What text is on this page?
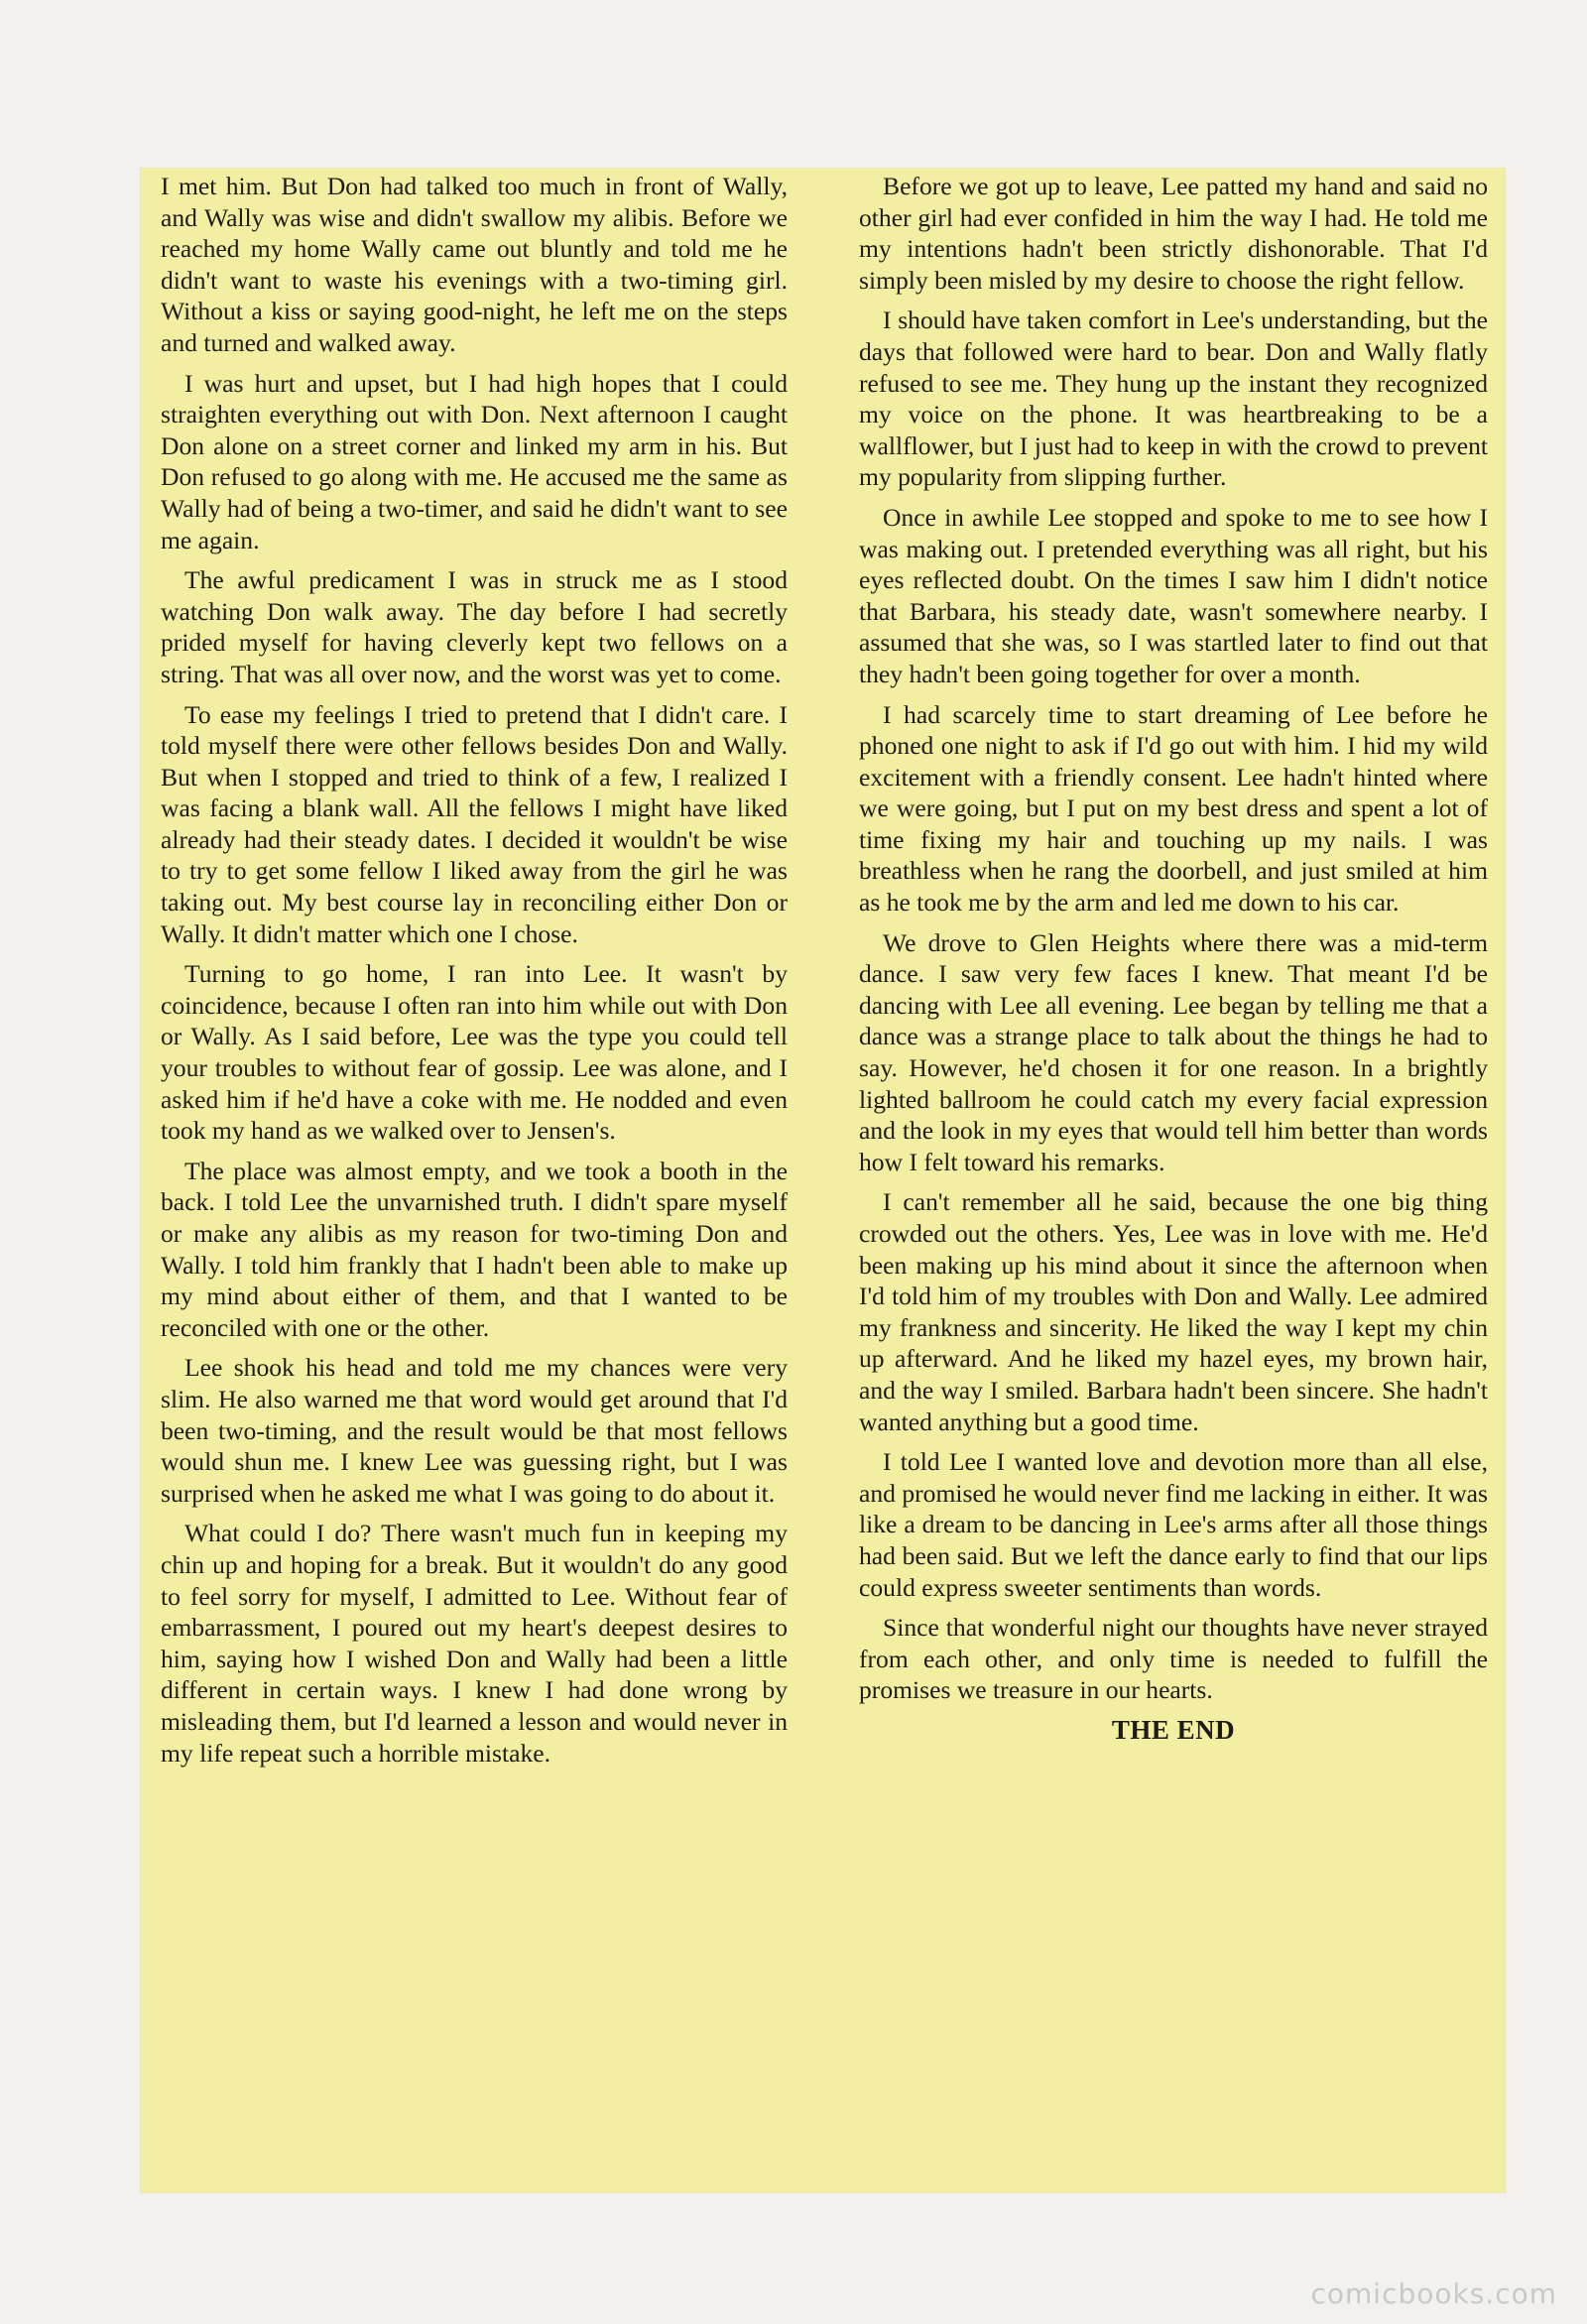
I met him. But Don had talked too much in front of Wally, and Wally was wise and didn't swallow my alibis. Before we reached my home Wally came out bluntly and told me he didn't want to waste his evenings with a two-timing girl. Without a kiss or saying good-night, he left me on the steps and turned and walked away.

I was hurt and upset, but I had high hopes that I could straighten everything out with Don. Next afternoon I caught Don alone on a street corner and linked my arm in his. But Don refused to go along with me. He accused me the same as Wally had of being a two-timer, and said he didn't want to see me again.

The awful predicament I was in struck me as I stood watching Don walk away. The day before I had secretly prided myself for having cleverly kept two fellows on a string. That was all over now, and the worst was yet to come.

To ease my feelings I tried to pretend that I didn't care. I told myself there were other fellows besides Don and Wally. But when I stopped and tried to think of a few, I realized I was facing a blank wall. All the fellows I might have liked already had their steady dates. I decided it wouldn't be wise to try to get some fellow I liked away from the girl he was taking out. My best course lay in reconciling either Don or Wally. It didn't matter which one I chose.

Turning to go home, I ran into Lee. It wasn't by coincidence, because I often ran into him while out with Don or Wally. As I said before, Lee was the type you could tell your troubles to without fear of gossip. Lee was alone, and I asked him if he'd have a coke with me. He nodded and even took my hand as we walked over to Jensen's.

The place was almost empty, and we took a booth in the back. I told Lee the unvarnished truth. I didn't spare myself or make any alibis as my reason for two-timing Don and Wally. I told him frankly that I hadn't been able to make up my mind about either of them, and that I wanted to be reconciled with one or the other.

Lee shook his head and told me my chances were very slim. He also warned me that word would get around that I'd been two-timing, and the result would be that most fellows would shun me. I knew Lee was guessing right, but I was surprised when he asked me what I was going to do about it.

What could I do? There wasn't much fun in keeping my chin up and hoping for a break. But it wouldn't do any good to feel sorry for myself, I admitted to Lee. Without fear of embarrassment, I poured out my heart's deepest desires to him, saying how I wished Don and Wally had been a little different in certain ways. I knew I had done wrong by misleading them, but I'd learned a lesson and would never in my life repeat such a horrible mistake.

Before we got up to leave, Lee patted my hand and said no other girl had ever confided in him the way I had. He told me my intentions hadn't been strictly dishonorable. That I'd simply been misled by my desire to choose the right fellow.

I should have taken comfort in Lee's understanding, but the days that followed were hard to bear. Don and Wally flatly refused to see me. They hung up the instant they recognized my voice on the phone. It was heartbreaking to be a wallflower, but I just had to keep in with the crowd to prevent my popularity from slipping further.

Once in awhile Lee stopped and spoke to me to see how I was making out. I pretended everything was all right, but his eyes reflected doubt. On the times I saw him I didn't notice that Barbara, his steady date, wasn't somewhere nearby. I assumed that she was, so I was startled later to find out that they hadn't been going together for over a month.

I had scarcely time to start dreaming of Lee before he phoned one night to ask if I'd go out with him. I hid my wild excitement with a friendly consent. Lee hadn't hinted where we were going, but I put on my best dress and spent a lot of time fixing my hair and touching up my nails. I was breathless when he rang the doorbell, and just smiled at him as he took me by the arm and led me down to his car.

We drove to Glen Heights where there was a mid-term dance. I saw very few faces I knew. That meant I'd be dancing with Lee all evening. Lee began by telling me that a dance was a strange place to talk about the things he had to say. However, he'd chosen it for one reason. In a brightly lighted ballroom he could catch my every facial expression and the look in my eyes that would tell him better than words how I felt toward his remarks.

I can't remember all he said, because the one big thing crowded out the others. Yes, Lee was in love with me. He'd been making up his mind about it since the afternoon when I'd told him of my troubles with Don and Wally. Lee admired my frankness and sincerity. He liked the way I kept my chin up afterward. And he liked my hazel eyes, my brown hair, and the way I smiled. Barbara hadn't been sincere. She hadn't wanted anything but a good time.

I told Lee I wanted love and devotion more than all else, and promised he would never find me lacking in either. It was like a dream to be dancing in Lee's arms after all those things had been said. But we left the dance early to find that our lips could express sweeter sentiments than words.

Since that wonderful night our thoughts have never strayed from each other, and only time is needed to fulfill the promises we treasure in our hearts.

THE END

comicbooks.com
